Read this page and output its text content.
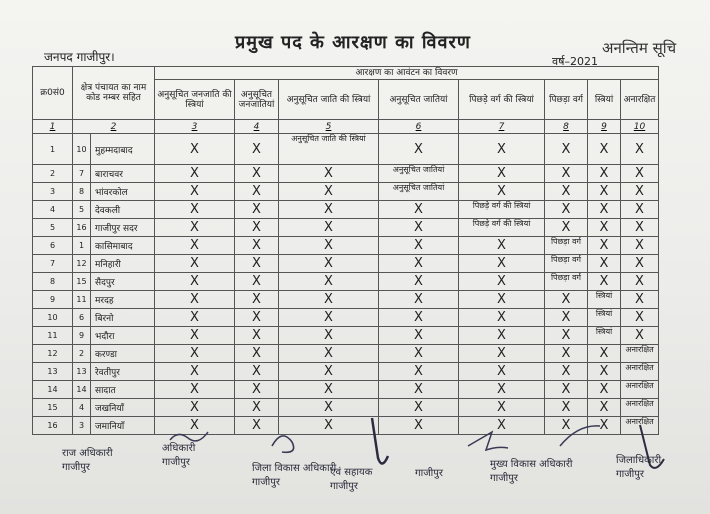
प्रमुख पद के आरक्षण का विवरण	अनन्तिम सूचि
जनपद गाजीपुर।	वर्ष–2021
क्र0सं0	क्षेत्र पंचायत का नाम कोड नम्बर सहित		आरक्षण का आवंटन का विवरण							
			अनुसूचित जनजाति की स्त्रियां	अनुसूचित जनजातियां	अनुसूचित जाति की स्त्रियां	अनुसूचित जातियां	पिछड़े वर्ग की स्त्रियां	पिछड़ा वर्ग	स्त्रियां	अनारक्षित
1	2		3	4	5	6	7	8	9	10
1	10	मुहम्मदाबाद	X	X	अनुसूचित जाति की स्त्रियां	X	X	X	X	X
2	7	बाराचवर	X	X	X	अनुसूचित जातियां	X	X	X	X
3	8	भांवरकोल	X	X	X	अनुसूचित जातियां	X	X	X	X
4	5	देवकली	X	X	X	X	पिछड़े वर्ग की स्त्रियां	X	X	X
5	16	गाजीपुर सदर	X	X	X	X	पिछड़े वर्ग की स्त्रियां	X	X	X
6	1	कासिमाबाद	X	X	X	X	X	पिछड़ा वर्ग	X	X
7	12	मनिहारी	X	X	X	X	X	पिछड़ा वर्ग	X	X
8	15	सैदपुर	X	X	X	X	X	पिछड़ा वर्ग	X	X
9	11	मरदह	X	X	X	X	X	X	स्त्रियां	X
10	6	बिरनो	X	X	X	X	X	X	स्त्रियां	X
11	9	भदौरा	X	X	X	X	X	X	स्त्रियां	X
12	2	करण्डा	X	X	X	X	X	X	X	अनारक्षित
13	13	रेवतीपुर	X	X	X	X	X	X	X	अनारक्षित
14	14	सादात	X	X	X	X	X	X	X	अनारक्षित
15	4	जखनियाँ	X	X	X	X	X	X	X	अनारक्षित
16	3	जमानियाँ	X	X	X	X	X	X	X	अनारक्षित
राज अधिकारी
गाजीपुर
अधिकारी
गाजीपुर
जिला विकास अधिकारी
गाजीपुर
एवं सहायक
गाजीपुर
गाजीपुर
मुख्य विकास अधिकारी
गाजीपुर
जिलाधिकारी
गाजीपुर
